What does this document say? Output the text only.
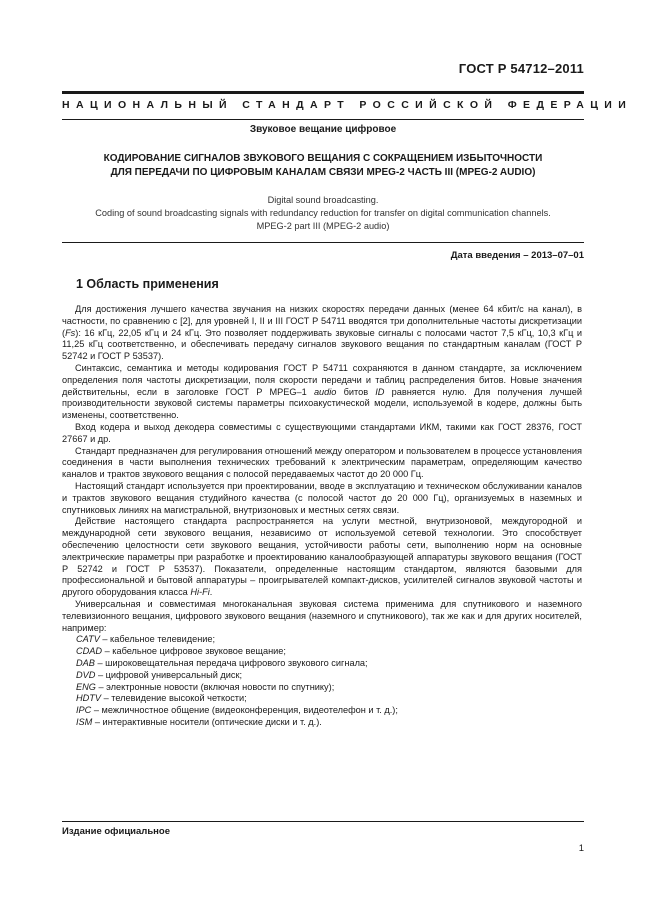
ГОСТ Р 54712–2011
НАЦИОНАЛЬНЫЙ СТАНДАРТ РОССИЙСКОЙ ФЕДЕРАЦИИ
Звуковое вещание цифровое
КОДИРОВАНИЕ СИГНАЛОВ ЗВУКОВОГО ВЕЩАНИЯ С СОКРАЩЕНИЕМ ИЗБЫТОЧНОСТИ
ДЛЯ ПЕРЕДАЧИ ПО ЦИФРОВЫМ КАНАЛАМ СВЯЗИ MPEG-2 ЧАСТЬ III (MPEG-2 AUDIO)
Digital sound broadcasting.
Coding of sound broadcasting signals with redundancy reduction for transfer on digital communication channels.
MPEG-2 part III (MPEG-2 audio)
Дата введения – 2013–07–01
1 Область применения

Для достижения лучшего качества звучания на низких скоростях передачи данных (менее 64 кбит/с на канал), в частности, по сравнению с [2], для уровней I, II и III ГОСТ Р 54711 вводятся три дополнительные частоты дискретизации (Fs): 16 кГц, 22,05 кГц и 24 кГц. Это позволяет поддерживать звуковые сигналы с полосами частот 7,5 кГц, 10,3 кГц и 11,25 кГц соответственно, и обеспечивать передачу сигналов звукового вещания по стандартным каналам (ГОСТ Р 52742 и ГОСТ Р 53537).

Синтаксис, семантика и методы кодирования ГОСТ Р 54711 сохраняются в данном стандарте, за исключением определения поля частоты дискретизации, поля скорости передачи и таблиц распределения битов. Новые значения действительны, если в заголовке ГОСТ Р MPEG–1 audio битов ID равняется нулю. Для получения лучшей производительности звуковой системы параметры психоакустической модели, используемой в кодере, должны быть изменены, соответственно.

Вход кодера и выход декодера совместимы с существующими стандартами ИКМ, такими как ГОСТ 28376, ГОСТ 27667 и др.

Стандарт предназначен для регулирования отношений между оператором и пользователем в процессе установления соединения в части выполнения технических требований к электрическим параметрам, определяющим качество каналов и трактов звукового вещания с полосой передаваемых частот до 20 000 Гц.

Настоящий стандарт используется при проектировании, вводе в эксплуатацию и техническом обслуживании каналов и трактов звукового вещания студийного качества (с полосой частот до 20 000 Гц), организуемых в наземных и спутниковых линиях на магистральной, внутризоновых и местных сетях связи.

Действие настоящего стандарта распространяется на услуги местной, внутризоновой, междугородной и международной сети звукового вещания, независимо от используемой сетевой технологии. Это способствует обеспечению целостности сети звукового вещания, устойчивости работы сети, выполнению норм на основные электрические параметры при разработке и проектированию каналообразующей аппаратуры звукового вещания (ГОСТ Р 52742 и ГОСТ Р 53537). Показатели, определенные настоящим стандартом, являются базовыми для профессиональной и бытовой аппаратуры – проигрывателей компакт-дисков, усилителей сигналов звуковой частоты и другого оборудования класса Hi-Fi.

Универсальная и совместимая многоканальная звуковая система применима для спутникового и наземного телевизионного вещания, цифрового звукового вещания (наземного и спутникового), так же как и для других носителей, например:

CATV – кабельное телевидение;
CDAD – кабельное цифровое звуковое вещание;
DAB – широковещательная передача цифрового звукового сигнала;
DVD – цифровой универсальный диск;
ENG – электронные новости (включая новости по спутнику);
HDTV – телевидение высокой четкости;
IPC – межличностное общение (видеоконференция, видеотелефон и т. д.);
ISM – интерактивные носители (оптические диски и т. д.).
Издание официальное
1
